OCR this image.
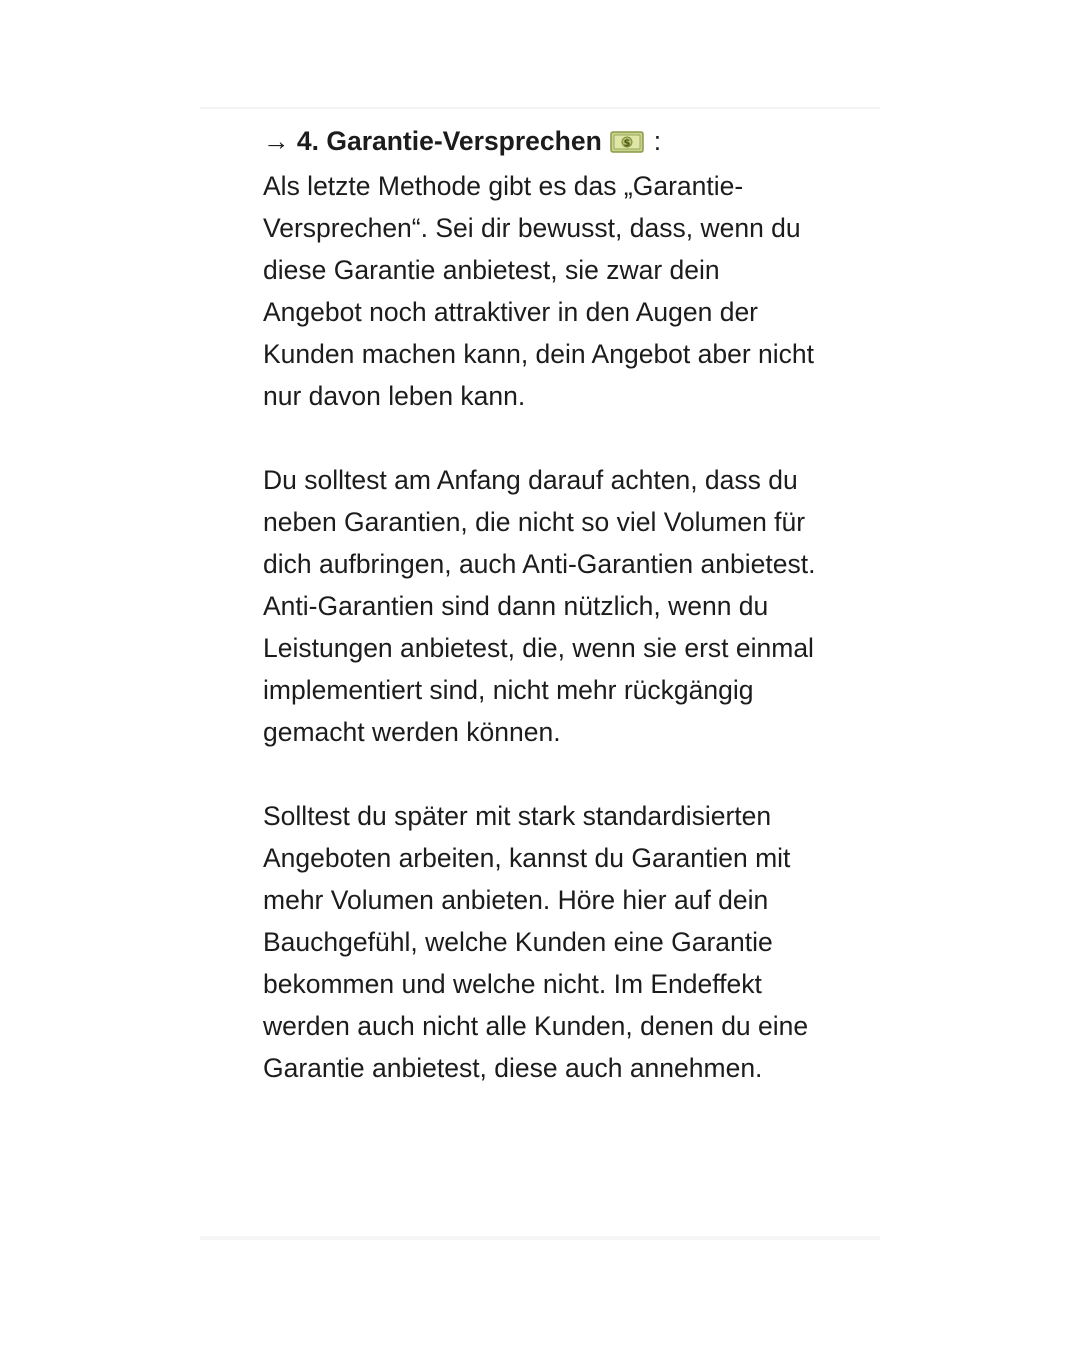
→ 4. Garantie-Versprechen $ :

Als letzte Methode gibt es das „Garantie-Versprechen“. Sei dir bewusst, dass, wenn du diese Garantie anbietest, sie zwar dein Angebot noch attraktiver in den Augen der Kunden machen kann, dein Angebot aber nicht nur davon leben kann.

Du solltest am Anfang darauf achten, dass du neben Garantien, die nicht so viel Volumen für dich aufbringen, auch Anti-Garantien anbietest. Anti-Garantien sind dann nützlich, wenn du Leistungen anbietest, die, wenn sie erst einmal implementiert sind, nicht mehr rückgängig gemacht werden können.

Solltest du später mit stark standardisierten Angeboten arbeiten, kannst du Garantien mit mehr Volumen anbieten. Höre hier auf dein Bauchgefühl, welche Kunden eine Garantie bekommen und welche nicht. Im Endeffekt werden auch nicht alle Kunden, denen du eine Garantie anbietest, diese auch annehmen.
